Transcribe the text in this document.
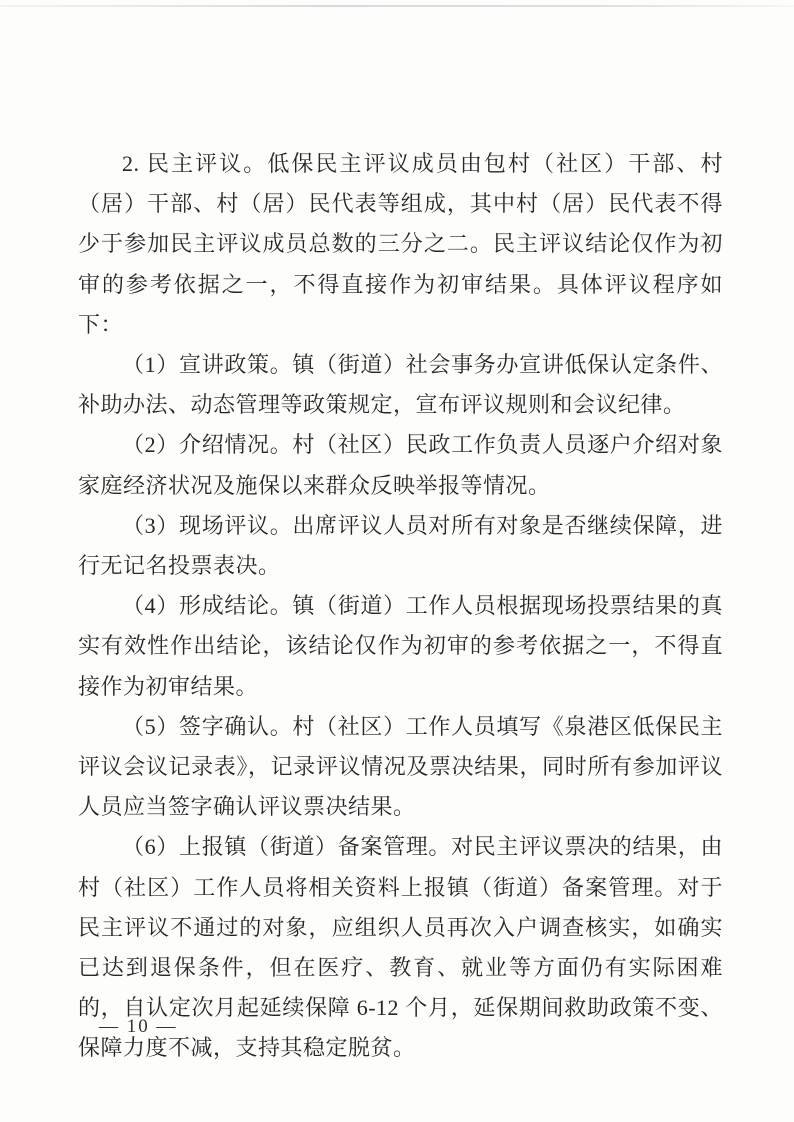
2. 民主评议。低保民主评议成员由包村（社区）干部、村（居）干部、村（居）民代表等组成，其中村（居）民代表不得少于参加民主评议成员总数的三分之二。民主评议结论仅作为初审的参考依据之一，不得直接作为初审结果。具体评议程序如下：

（1）宣讲政策。镇（街道）社会事务办宣讲低保认定条件、补助办法、动态管理等政策规定，宣布评议规则和会议纪律。

（2）介绍情况。村（社区）民政工作负责人员逐户介绍对象家庭经济状况及施保以来群众反映举报等情况。

（3）现场评议。出席评议人员对所有对象是否继续保障，进行无记名投票表决。

（4）形成结论。镇（街道）工作人员根据现场投票结果的真实有效性作出结论，该结论仅作为初审的参考依据之一，不得直接作为初审结果。

（5）签字确认。村（社区）工作人员填写《泉港区低保民主评议会议记录表》，记录评议情况及票决结果，同时所有参加评议人员应当签字确认评议票决结果。

（6）上报镇（街道）备案管理。对民主评议票决的结果，由村（社区）工作人员将相关资料上报镇（街道）备案管理。对于民主评议不通过的对象，应组织人员再次入户调查核实，如确实已达到退保条件，但在医疗、教育、就业等方面仍有实际困难的，自认定次月起延续保障 6-12 个月，延保期间救助政策不变、保障力度不减，支持其稳定脱贫。

— 10 —
